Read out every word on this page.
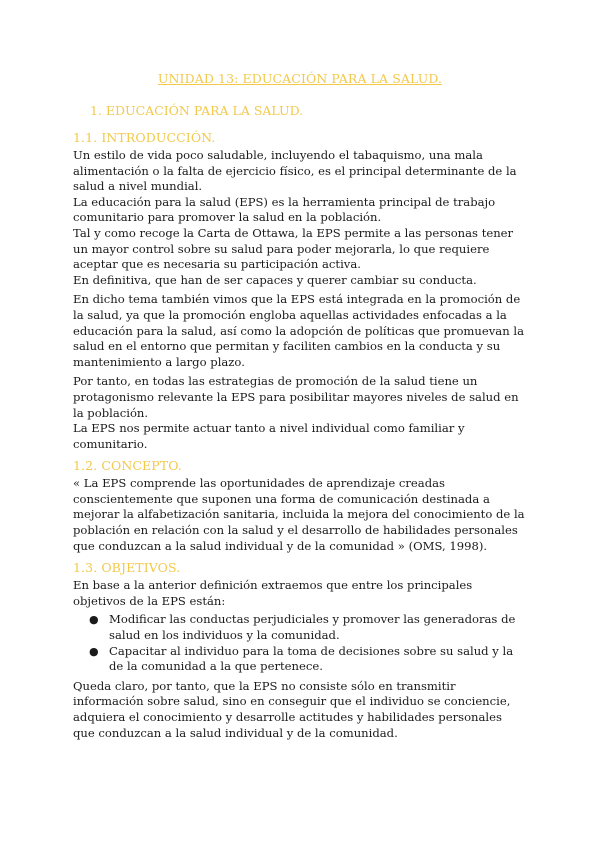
UNIDAD 13: EDUCACIÓN PARA LA SALUD.
1. EDUCACIÓN PARA LA SALUD.
1.1. INTRODUCCIÓN.

Un estilo de vida poco saludable, incluyendo el tabaquismo, una mala alimentación o la falta de ejercicio físico, es el principal determinante de la salud a nivel mundial.

La educación para la salud (EPS) es la herramienta principal de trabajo comunitario para promover la salud en la población.

Tal y como recoge la Carta de Ottawa, la EPS permite a las personas tener un mayor control sobre su salud para poder mejorarla, lo que requiere aceptar que es necesaria su participación activa.

En definitiva, que han de ser capaces y querer cambiar su conducta.

En dicho tema también vimos que la EPS está integrada en la promoción de la salud, ya que la promoción engloba aquellas actividades enfocadas a la educación para la salud, así como la adopción de políticas que promuevan la salud en el entorno que permitan y faciliten cambios en la conducta y su mantenimiento a largo plazo.

Por tanto, en todas las estrategias de promoción de la salud tiene un protagonismo relevante la EPS para posibilitar mayores niveles de salud en la población.

La EPS nos permite actuar tanto a nivel individual como familiar y comunitario.

1.2. CONCEPTO.

« La EPS comprende las oportunidades de aprendizaje creadas conscientemente que suponen una forma de comunicación destinada a mejorar la alfabetización sanitaria, incluida la mejora del conocimiento de la población en relación con la salud y el desarrollo de habilidades personales que conduzcan a la salud individual y de la comunidad » (OMS, 1998).

1.3. OBJETIVOS.

En base a la anterior definición extraemos que entre los principales objetivos de la EPS están:

● Modificar las conductas perjudiciales y promover las generadoras de salud en los individuos y la comunidad.
● Capacitar al individuo para la toma de decisiones sobre su salud y la de la comunidad a la que pertenece.

Queda claro, por tanto, que la EPS no consiste sólo en transmitir información sobre salud, sino en conseguir que el individuo se conciencie, adquiera el conocimiento y desarrolle actitudes y habilidades personales que conduzcan a la salud individual y de la comunidad.
